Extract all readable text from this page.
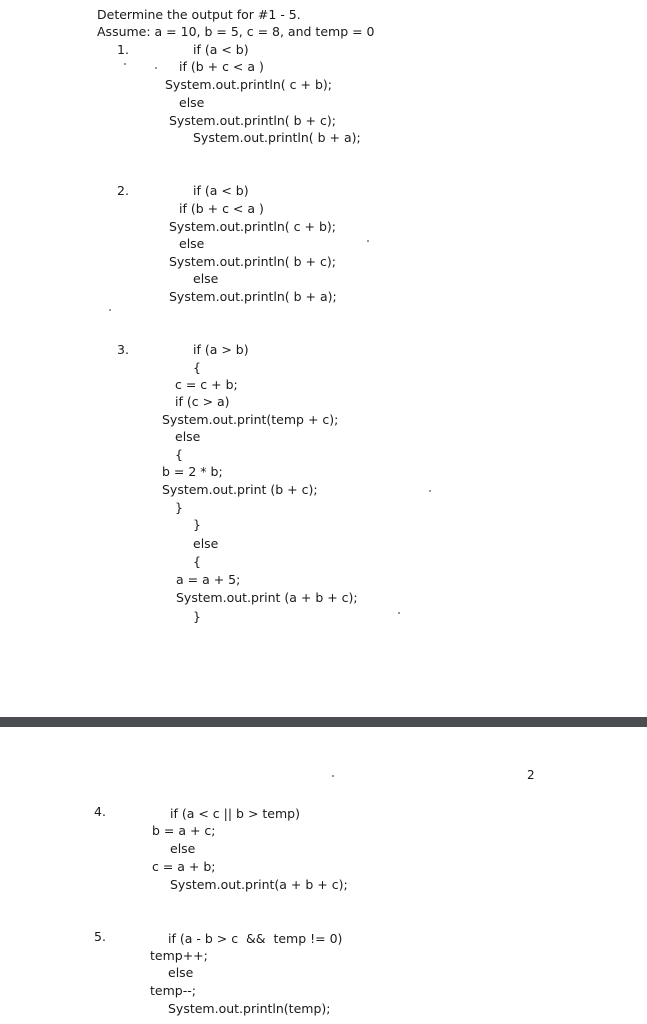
Determine the output for #1 - 5.
Assume: a = 10, b = 5, c = 8, and temp = 0
1.	if (a < b)
if (b + c < a )
System.out.println( c + b);
else
System.out.println( b + c);
System.out.println( b + a);
2.	if (a < b)
if (b + c < a )
System.out.println( c + b);
else
System.out.println( b + c);
else
System.out.println( b + a);
3.	if (a > b)
{
c = c + b;
if (c > a)
System.out.print(temp + c);
else
{
b = 2 * b;
System.out.print (b + c);
}
}
else
{
a = a + 5;
System.out.print (a + b + c);
}
2
4.	if (a < c || b > temp)
b = a + c;
else
c = a + b;
System.out.print(a + b + c);
5.	if (a - b > c  &&  temp != 0)
temp++;
else
temp--;
System.out.println(temp);
